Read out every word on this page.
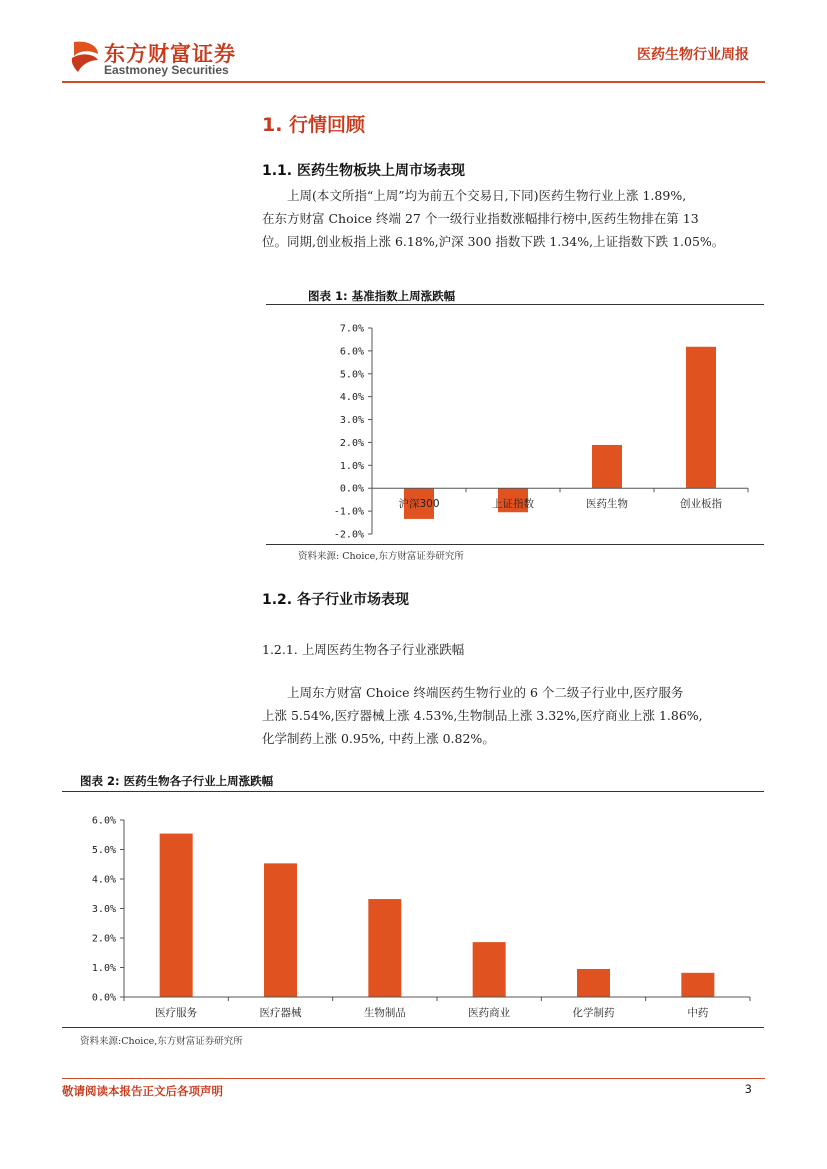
东方财富证券
Eastmoney Securities
医药生物行业周报
1. 行情回顾
1.1. 医药生物板块上周市场表现

上周(本文所指“上周”均为前五个交易日,下同)医药生物行业上涨 1.89%,

在东方财富 Choice 终端 27 个一级行业指数涨幅排行榜中,医药生物排在第 13

位。同期,创业板指上涨 6.18%,沪深 300 指数下跌 1.34%,上证指数下跌 1.05%。

图表 1: 基准指数上周涨跌幅
-2.0%
-1.0%
0.0%
1.0%
2.0%
3.0%
4.0%
5.0%
6.0%
7.0%
沪深300	上证指数	医药生物	创业板指
资料来源: Choice,东方财富证券研究所
1.2. 各子行业市场表现
1.2.1. 上周医药生物各子行业涨跌幅

上周东方财富 Choice 终端医药生物行业的 6 个二级子行业中,医疗服务

上涨 5.54%,医疗器械上涨 4.53%,生物制品上涨 3.32%,医疗商业上涨 1.86%,

化学制药上涨 0.95%, 中药上涨 0.82%。

图表 2: 医药生物各子行业上周涨跌幅
0.0%
1.0%
2.0%
3.0%
4.0%
5.0%
6.0%
医疗服务	医疗器械	生物制品	医药商业	化学制药	中药
资料来源:Choice,东方财富证券研究所
敬请阅读本报告正文后各项声明	3
